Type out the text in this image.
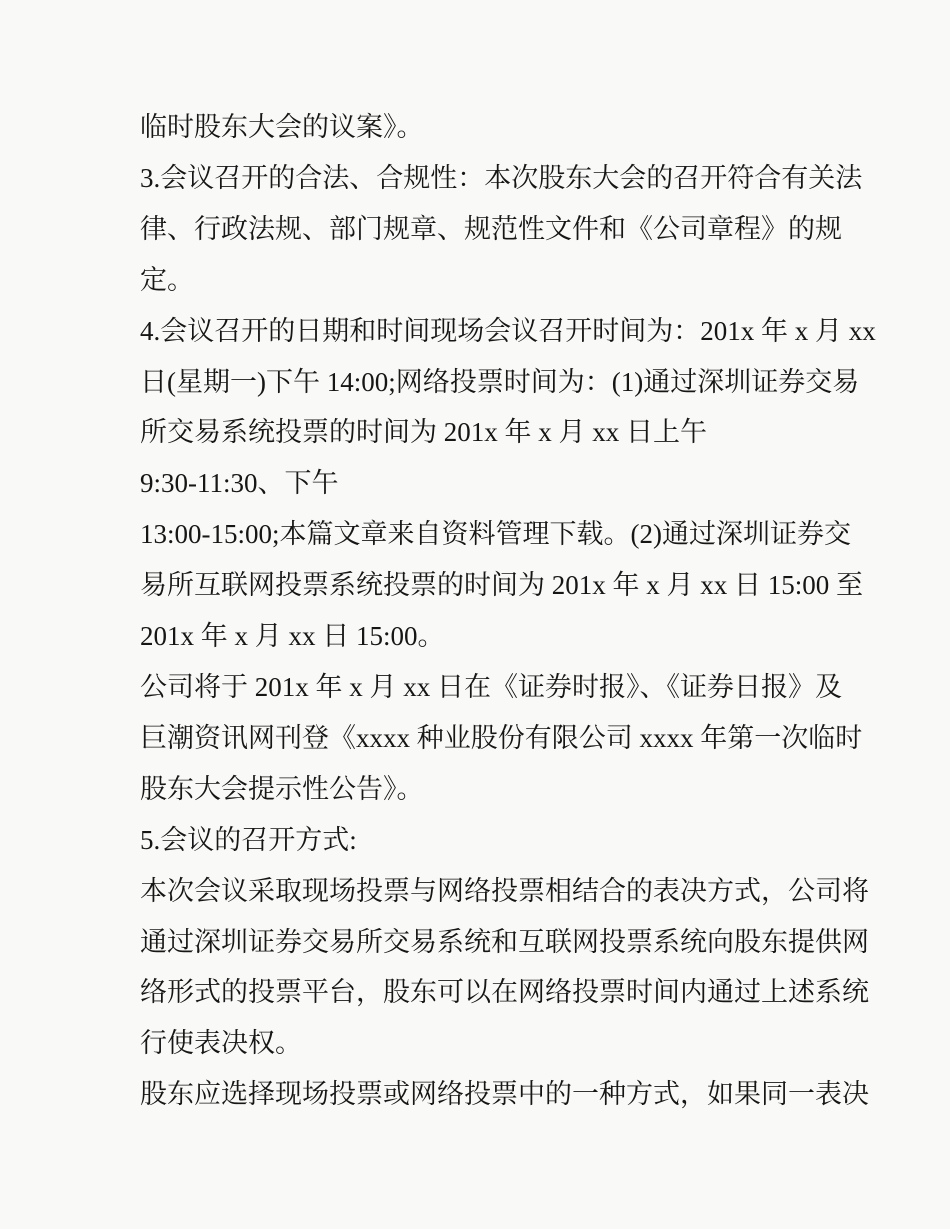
临时股东大会的议案》。
3.会议召开的合法、合规性：本次股东大会的召开符合有关法
律、行政法规、部门规章、规范性文件和《公司章程》的规
定。
4.会议召开的日期和时间现场会议召开时间为：201x 年 x 月 xx
日(星期一)下午 14:00;网络投票时间为：(1)通过深圳证券交易
所交易系统投票的时间为 201x 年 x 月 xx 日上午
9:30-11:30、下午
13:00-15:00;本篇文章来自资料管理下载。(2)通过深圳证券交
易所互联网投票系统投票的时间为 201x 年 x 月 xx 日 15:00 至
201x 年 x 月 xx 日 15:00。
公司将于 201x 年 x 月 xx 日在《证券时报》、《证券日报》及
巨潮资讯网刊登《xxxx 种业股份有限公司 xxxx 年第一次临时
股东大会提示性公告》。
5.会议的召开方式:
本次会议采取现场投票与网络投票相结合的表决方式，公司将
通过深圳证券交易所交易系统和互联网投票系统向股东提供网
络形式的投票平台，股东可以在网络投票时间内通过上述系统
行使表决权。
股东应选择现场投票或网络投票中的一种方式，如果同一表决
